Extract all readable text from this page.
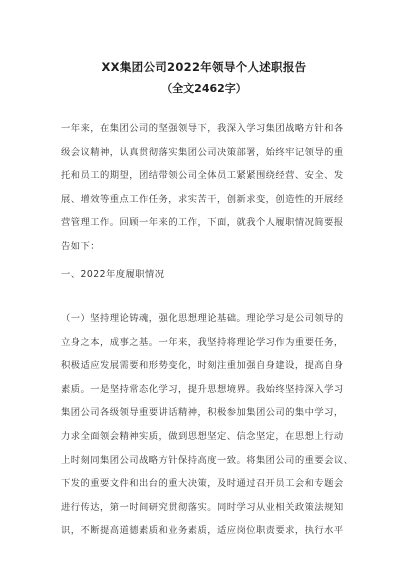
XX集团公司2022年领导个人述职报告
（全文2462字）
一年来，在集团公司的坚强领导下，我深入学习集团战略方针和各
级会议精神，认真贯彻落实集团公司决策部署，始终牢记领导的重
托和员工的期望，团结带领公司全体员工紧紧围绕经营、安全、发
展、增效等重点工作任务，求实苦干，创新求变，创造性的开展经
营管理工作。回顾一年来的工作，下面，就我个人履职情况简要报
告如下：
一、2022年度履职情况
（一）坚持理论铸魂，强化思想理论基础。理论学习是公司领导的
立身之本，成事之基。一年来，我坚持将理论学习作为重要任务，
积极适应发展需要和形势变化，时刻注重加强自身建设，提高自身
素质。一是坚持常态化学习，提升思想境界。我始终坚持深入学习
集团公司各级领导重要讲话精神，积极参加集团公司的集中学习，
力求全面领会精神实质，做到思想坚定、信念坚定，在思想上行动
上时刻同集团公司战略方针保持高度一致。将集团公司的重要会议、
下发的重要文件和出台的重大决策，及时通过召开员工会和专题会
进行传达，第一时间研究贯彻落实。同时学习从业相关政策法规知
识，不断提高道德素质和业务素质，适应岗位职责要求，执行水平
